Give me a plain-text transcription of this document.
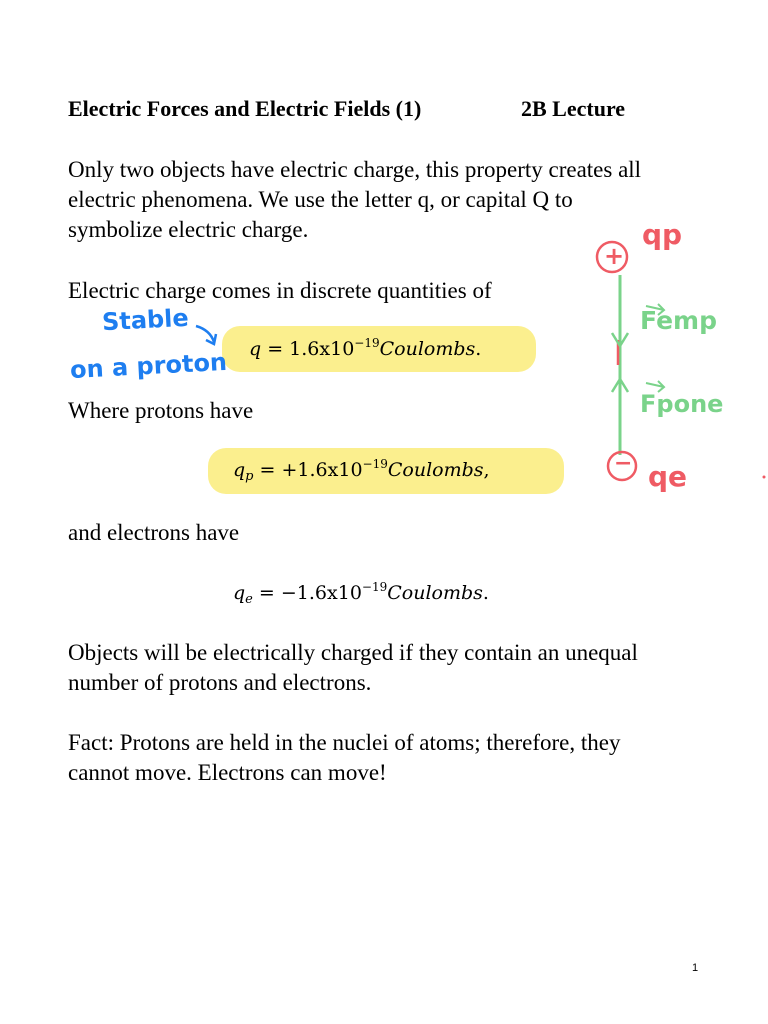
Electric Forces and Electric Fields (1)	2B Lecture

Only two objects have electric charge, this property creates all

electric phenomena. We use the letter q, or capital Q to

symbolize electric charge.

Electric charge comes in discrete quantities of

$q = 1.6x10^{-19}Coulombs$.

Where protons have

$q_p$ = $+1.6x10^{-19}Coulombs$,

and electrons have

$q_e$ = $-1.6x10^{-19}Coulombs$.

Objects will be electrically charged if they contain an unequal

number of protons and electrons.

Fact: Protons are held in the nuclei of atoms; therefore, they

cannot move. Electrons can move!

Stable
on a proton
+
−
qp
qe
Femp
Fpone
1
